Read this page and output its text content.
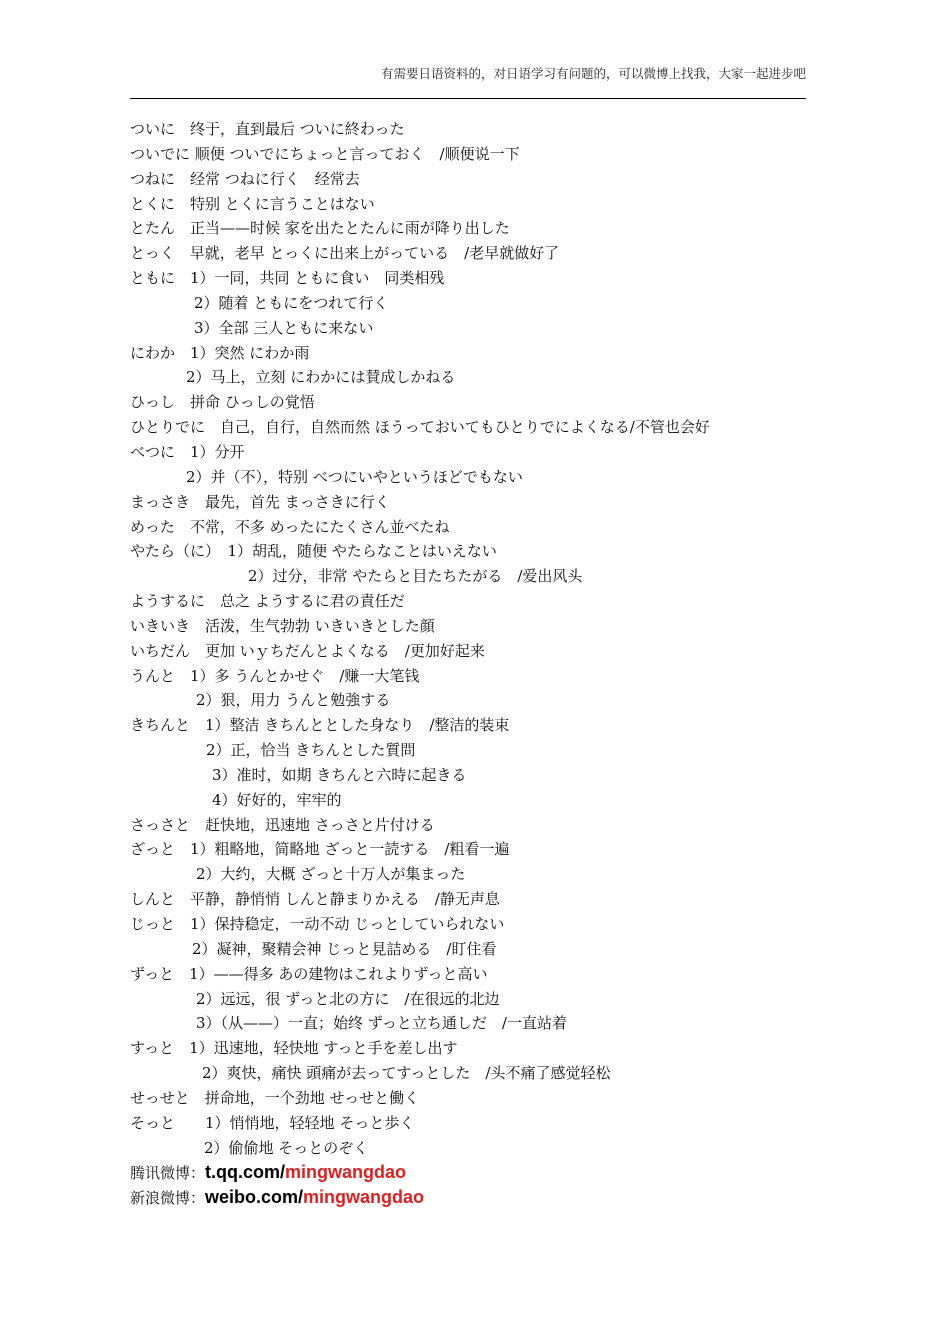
有需要日语资料的，对日语学习有问题的，可以微博上找我，大家一起进步吧
ついに　终于，直到最后 ついに終わった
ついでに 顺便 ついでにちょっと言っておく　/顺便说一下
つねに　经常 つねに行く　经常去
とくに　特别 とくに言うことはない
とたん　正当——时候 家を出たとたんに雨が降り出した
とっく　早就，老早 とっくに出来上がっている　/老早就做好了
ともに　1）一同，共同 ともに食い　同类相残
2）随着 ともにをつれて行く
3）全部 三人ともに来ない
にわか　1）突然 にわか雨
2）马上，立刻 にわかには賛成しかねる
ひっし　拼命 ひっしの覚悟
ひとりでに　自己，自行，自然而然 ほうっておいてもひとりでによくなる/不管也会好
べつに　1）分开
2）并（不），特别 べつにいやというほどでもない
まっさき　最先，首先 まっさきに行く
めった　不常，不多 めったにたくさん並べたね
やたら（に）　1）胡乱，随便 やたらなことはいえない
2）过分，非常 やたらと目たちたがる　/爱出风头
ようするに　总之 ようするに君の責任だ
いきいき　活泼，生气勃勃 いきいきとした顔
いちだん　更加 いｙちだんとよくなる　/更加好起来
うんと　1）多 うんとかせぐ　/赚一大笔钱
2）狠，用力 うんと勉強する
きちんと　1）整洁 きちんととした身なり　/整洁的装束
2）正，恰当 きちんとした質問
3）准时，如期 きちんと六時に起きる
4）好好的，牢牢的
さっさと　赶快地，迅速地 さっさと片付ける
ざっと　1）粗略地，简略地 ざっと一読する　/粗看一遍
2）大约，大概 ざっと十万人が集まった
しんと　平静，静悄悄 しんと静まりかえる　/静无声息
じっと　1）保持稳定，一动不动 じっとしていられない
2）凝神，聚精会神 じっと見詰める　/盯住看
ずっと　1）——得多 あの建物はこれよりずっと高い
2）远远，很 ずっと北の方に　/在很远的北边
3）（从——）一直；始终 ずっと立ち通しだ　/一直站着
すっと　1）迅速地，轻快地 すっと手を差し出す
2）爽快，痛快 頭痛が去ってすっとした　/头不痛了感觉轻松
せっせと　拼命地，一个劲地 せっせと働く
そっと　　1）悄悄地，轻轻地 そっと歩く
2）偷偷地 そっとのぞく
腾讯微博：t.qq.com/mingwangdao
新浪微博：weibo.com/mingwangdao
